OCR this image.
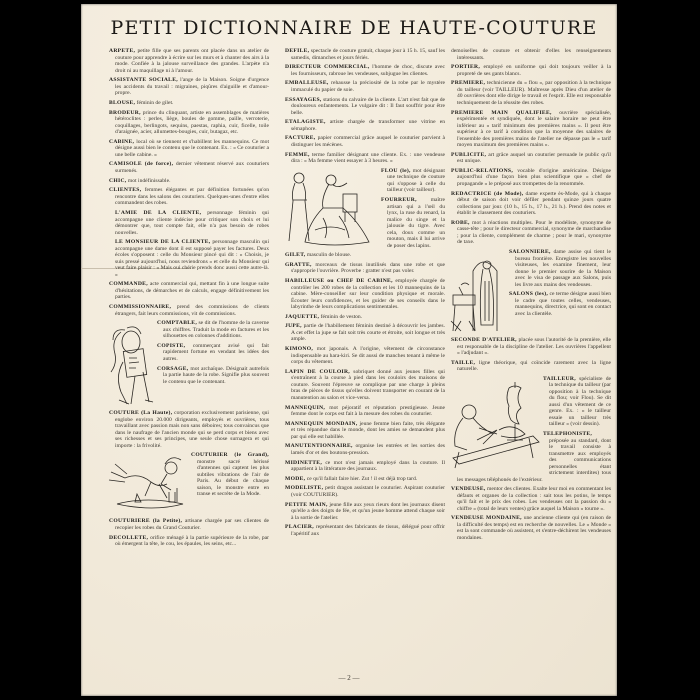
PETIT DICTIONNAIRE DE HAUTE-COUTURE

ARPETE, petite fille que ses parents ont placée dans un atelier de couture pour apprendre à écrire sur les murs et à chanter des airs à la mode. Confiée à la jalouse surveillance des grandes. L'arpète n'a droit ni au maquillage ni à l'amour.

ASSISTANTE SOCIALE, l'ange de la Maison. Soigne d'urgence les accidents du travail : migraines, piqûres d'aiguille et d'amour-propre.

BLOUSE, féminin de gilet.

BRODEUR, prince du clinquant, artiste en assemblages de matières hétéroclites : perles, liège, boules de gomme, paille, verroterie, coquillages, berlingots, sequins, paestas, raphia, cuir, ficelle, toile d'araignée, acier, allumettes-bougies, cuir, butagaz, etc.

CABINE, local où se tiennent et s'habillent les mannequins. Ce mot désigne aussi bien le contenu que le contenant. Ex. : « Ce couturier a une belle cabine. »

CAMISOLE (de force), dernier vêtement réservé aux couturiers surmenés.

CHIC, mot indéfinissable.

CLIENTES, femmes élégantes et par définition fortunées qu'on rencontre dans les salons des couturiers. Quelques-unes d'entre elles commandent des robes.

L'AMIE DE LA CLIENTE, personnage féminin qui accompagne une cliente indécise pour critiquer son choix et lui démontrer que, tout compte fait, elle n'a pas besoin de robes nouvelles.

LE MONSIEUR DE LA CLIENTE, personnage masculin qui accompagne une dame dont il est supposé payer les factures. Deux écoles s'opposent : celle du Monsieur pincé qui dit : « Choisis, je suis pressé aujourd'hui, nous reviendrons » et celle du Monsieur qui veut faire plaisir : « Mais oui chérie prends donc aussi cette autre-là. »

COMMANDE, acte commercial qui, mettant fin à une longue suite d'hésitations, de démarches et de calculs, engage définitivement les parties.

COMMISSIONNAIRE, prend des commissions de clients étrangers, fait leurs commissions, vit de commissions.

COMPTABLE, se dit de l'homme de la caverne aux chiffres. Traduit la mode en factures et les silhouettes en colonnes d'additions.

COPISTE, commerçant avisé qui fait rapidement fortune en vendant les idées des autres.

CORSAGE, mot archaïque. Désignait autrefois la partie haute de la robe. Signifie plus souvent le contenu que le contenant.

COUTURE (La Haute), corporation exclusivement parisienne, qui englobe environ 20.000 dirigeants, employés et ouvrières, tous travaillant avec passion mais non sans déboires; tous convaincus que dans le naufrage de l'ancien monde qui se perd corps et biens avec ses richesses et ses principes, une seule chose surnagera et qui importe : la frivolité.

COUTURIER (le Grand), monstre sacré hérissé d'antennes qui captent les plus subtiles vibrations de l'air de Paris. Au début de chaque saison, le monstre entre en transe et secrète de la Mode.

COUTURIERE (la Petite), artisane chargée par ses clientes de recopier les robes du Grand Couturier.

DECOLLETE, orifice ménagé à la partie supérieure de la robe, par où émergent la tête, le cou, les épaules, les seins, etc...

DEFILE, spectacle de couture gratuit, chaque jour à 15 h. 15, sauf les samedis, dimanches et jours fériés.

DIRECTEUR COMMERCIAL, l'homme de choc, discute avec les fournisseurs, rabroue les vendeuses, subjugue les clientes.

EMBALLEUSE, rehausse la préciosité de la robe par le mystère immaculé du papier de soie.

ESSAYAGES, stations du calvaire de la cliente. L'art n'est fait que de douloureux enfantements. Le vulgaire dit : Il faut souffrir pour être belle.

ETALAGISTE, artiste chargée de transformer une vitrine en sémaphore.

FACTURE, papier commercial grâce auquel le couturier parvient à distinguer les mécènes.

FEMME, terme familier désignant une cliente. Ex. : une vendeuse dira : « Ma femme vient essayer à 3 heures. »

FLOU (le), mot désignant une technique de couture qui s'oppose à celle du tailleur (voir tailleur).

FOURREUR, maître artisan qui a l'œil du lynx, la ruse du renard, la malice du singe et la jalousie du tigre. Avec cela, doux comme un mouton, mais il lui arrive de poser des lapins.

GILET, masculin de blouse.

GRATTE, morceaux de tissus inutilisés dans une robe et que s'approprie l'ouvrière. Proverbe : gratter n'est pas voler.

HABILLEUSE ou CHEF DE CABINE, employée chargée de contrôler les 200 robes de la collection et les 10 mannequins de la cabine. Mère-conseiller sur leur condition physique et morale. Écouter leurs confidences, et les guider de ses conseils dans le labyrinthe de leurs complications sentimentales.

JAQUETTE, féminin de veston.

JUPE, partie de l'habillement féminin destiné à découvrir les jambes. A cet effet la jupe se fait soit très courte et étroite, soit longue et très ample.

KIMONO, mot japonais. A l'origine, vêtement de circonstance indispensable au hara-kiri. Se dit aussi de manches tenant à même le corps du vêtement.

LAPIN DE COULOIR, sobriquet donné aux jeunes filles qui s'entraînent à la course à pied dans les couloirs des maisons de couture. Souvent l'épreuve se complique par une charge à pleins bras de pièces de tissus qu'elles doivent transporter en courant de la manutention au salon et vice-versa.

MANNEQUIN, mot péjoratif et réputation prestigieuse. Jeune femme dont le corps est fait à la mesure des robes du couturier.

MANNEQUIN MONDAIN, jeune femme bien faite, très élégante et très répandue dans le monde, dont les amies se demandent plus par qui elle est habillée.

MANUTENTIONNAIRE, organise les entrées et les sorties des lamés d'or et des boutons-pression.

MIDINETTE, ce mot n'est jamais employé dans la couture. Il appartient à la littérature des journaux.

MODE, ce qu'il fallait faire hier. Zut ! il est déjà trop tard.

MODELISTE, petit dragon assistant le couturier. Aspirant couturier (voir COUTURIER).

PETITE MAIN, jeune fille aux yeux rieurs dont les journaux disent qu'elle a des doigts de fée, et qu'un jeune homme attend chaque soir à la sortie de l'atelier.

PLACIER, représentant des fabricants de tissus, délégué pour offrir l'apéritif aux

demoiselles de couture et obtenir d'elles les renseignements intéressants.

PORTIER, employé en uniforme qui doit toujours veiller à la propreté de ses gants blancs.

PREMIERE, technicienne du « flou », par opposition à la technique du tailleur (voir TAILLEUR). Maîtresse après Dieu d'un atelier de 40 ouvrières dont elle dirige le travail et l'esprit. Elle est responsable techniquement de la réussite des robes.

PREMIERE MAIN QUALIFIEE, ouvrière spécialisée, expérimentée et syndiquée, dont le salaire horaire ne peut être inférieur au « tarif minimum des premières mains ». Il peut être supérieur à ce tarif à condition que la moyenne des salaires de l'ensemble des premières mains de l'atelier ne dépasse pas le « tarif moyen maximum des premières mains ».

PUBLICITE, art grâce auquel un couturier persuade le public qu'il est unique.

PUBLIC-RELATIONS, vocable d'origine américaine. Désigne aujourd'hui d'une façon bien plus scientifique que « chef de propagande » le préposé aux trompettes de la renommée.

REDACTRICE (de Mode), dame experte ès-Mode, qui à chaque début de saison doit voir défiler pendant quinze jours quatre collections par jour. (10 h., 15 h., 17 h., 21 h.). Prend des notes et établit le classement des couturiers.

ROBE, mot à réactions multiples. Pour le modéliste, synonyme de casse-tête ; pour le directeur commercial, synonyme de marchandise ; pour la cliente, complément de charme ; pour le mari, synonyme de taxe.

SALONNIERE, dame assise qui tient le bureau frontière. Enregistre les nouvelles visiteuses, les examine finement, leur donne le premier sourire de la Maison avec le visa de passage aux Salons, puis les livre aux mains des vendeuses.

SALONS (les), ce terme désigne aussi bien le cadre que toutes celles, vendeuses, mannequins, directrice, qui sont en contact avec la clientèle.

SECONDE D'ATELIER, placée sous l'autorité de la première, elle est responsable de la discipline de l'atelier. Les ouvrières l'appellent « l'adjudant ».

TAILLE, ligne théorique, qui coïncide rarement avec la ligne naturelle.

TAILLEUR, spécialiste de la technique du tailleur (par opposition à la technique du flou; voir Flou). Se dit aussi d'un vêtement de ce genre. Ex. : « le tailleur essaie un tailleur très tailleur » (voir dessin).

TELEPHONISTE, préposée au standard, dont le travail consiste à transmettre aux employés des communications personnelles étant strictement interdites) tous les messages téléphonés de l'extérieur.

VENDEUSE, mentor des clientes. Exalte leur moi en commentant les défauts et organes de la collection : sait tous les potins, le temps qu'il fait et le prix des robes. Les vendeuses ont la passion du « chiffre » (total de leurs ventes) grâce auquel la Maison « tourne ».

VENDEUSE MONDAINE, une ancienne cliente qui (en raison de la difficulté des temps) est en recherche de nouvelles. Le « Monde » est la sont commande où assistent, et s'entre-déchirent les vendeuses mondaines.

— 2 —
